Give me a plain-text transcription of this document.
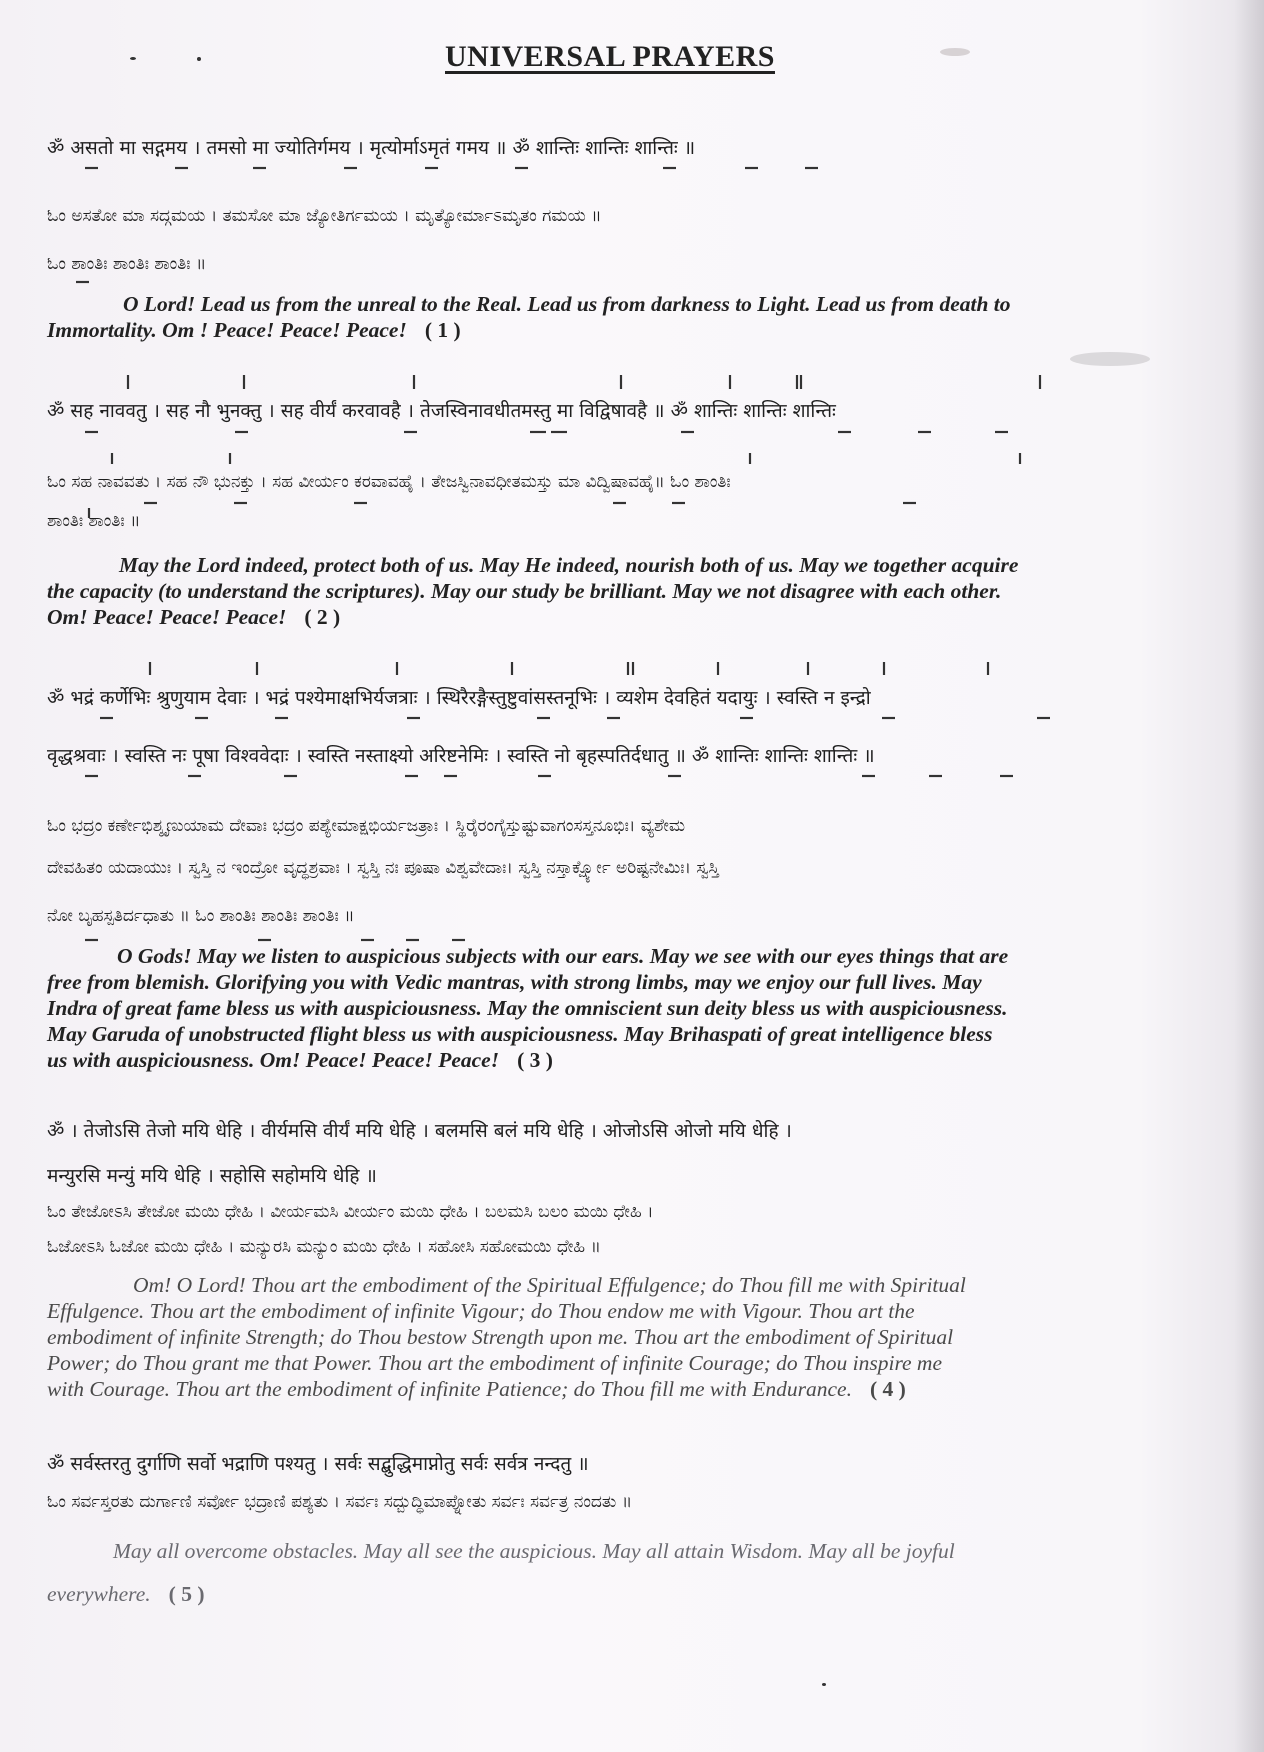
UNIVERSAL PRAYERS
ॐ असतो मा सद्गमय । तमसो मा ज्योतिर्गमय । मृत्योर्माऽमृतं गमय ॥ ॐ शान्तिः शान्तिः शान्तिः ॥
ಓಂ ಅಸತೋ ಮಾ ಸದ್ಗಮಯ । ತಮಸೋ ಮಾ ಜ್ಯೋತಿರ್ಗಮಯ । ಮೃತ್ಯೋರ್ಮಾಽಮೃತಂ ಗಮಯ ॥
ಓಂ ಶಾಂತಿಃ ಶಾಂತಿಃ ಶಾಂತಿಃ ॥
O Lord! Lead us from the unreal to the Real. Lead us from darkness to Light. Lead us from death to
Immortality. Om ! Peace! Peace! Peace! ( 1 )
ॐ सह नाववतु । सह नौ भुनक्तु । सह वीर्यं करवावहै । तेजस्विनावधीतमस्तु मा विद्विषावहै ॥ ॐ शान्तिः शान्तिः शान्तिः
ಓಂ ಸಹ ನಾವವತು । ಸಹ ನೌ ಭುನಕ್ತು । ಸಹ ವೀರ್ಯಂ ಕರವಾವಹೈ । ತೇಜಸ್ವಿನಾವಧೀತಮಸ್ತು ಮಾ ವಿದ್ವಿಷಾವಹೈ॥ ಓಂ ಶಾಂತಿಃ
ಶಾಂತಿಃ ಶಾಂತಿಃ ॥
May the Lord indeed, protect both of us. May He indeed, nourish both of us. May we together acquire
the capacity (to understand the scriptures). May our study be brilliant. May we not disagree with each other.
Om! Peace! Peace! Peace! ( 2 )
ॐ भद्रं कर्णेभिः श्रुणुयाम देवाः । भद्रं पश्येमाक्षभिर्यजत्राः । स्थिरैरङ्गैस्तुष्टुवांसस्तनूभिः । व्यशेम देवहितं यदायुः । स्वस्ति न इन्द्रो
वृद्धश्रवाः । स्वस्ति नः पूषा विश्ववेदाः । स्वस्ति नस्ताक्ष्यो अरिष्टनेमिः । स्वस्ति नो बृहस्पतिर्दधातु ॥ ॐ शान्तिः शान्तिः शान्तिः ॥
ಓಂ ಭದ್ರಂ ಕರ್ಣೇಭಿಶ್ಶೃಣುಯಾಮ ದೇವಾಃ ಭದ್ರಂ ಪಶ್ಯೇಮಾಕ್ಷಭಿರ್ಯಜತ್ರಾಃ । ಸ್ಥಿರೈರಂಗೈಸ್ತುಷ್ಟುವಾಗಂಸಸ್ತನೂಭಿಃ। ವ್ಯಶೇಮ
ದೇವಹಿತಂ ಯದಾಯುಃ । ಸ್ವಸ್ತಿ ನ ಇಂದ್ರೋ ವೃದ್ಧಶ್ರವಾಃ । ಸ್ವಸ್ತಿ ನಃ ಪೂಷಾ ವಿಶ್ವವೇದಾಃ। ಸ್ವಸ್ತಿ ನಸ್ತಾರ್ಕ್ಷ್ಯೋ ಅರಿಷ್ಟನೇಮಿಃ। ಸ್ವಸ್ತಿ
ನೋ ಬೃಹಸ್ಪತಿರ್ದಧಾತು ॥ ಓಂ ಶಾಂತಿಃ ಶಾಂತಿಃ ಶಾಂತಿಃ ॥
O Gods! May we listen to auspicious subjects with our ears. May we see with our eyes things that are
free from blemish. Glorifying you with Vedic mantras, with strong limbs, may we enjoy our full lives. May
Indra of great fame bless us with auspiciousness. May the omniscient sun deity bless us with auspiciousness.
May Garuda of unobstructed flight bless us with auspiciousness. May Brihaspati of great intelligence bless
us with auspiciousness. Om! Peace! Peace! Peace! ( 3 )
ॐ । तेजोऽसि तेजो मयि धेहि । वीर्यमसि वीर्यं मयि धेहि । बलमसि बलं मयि धेहि । ओजोऽसि ओजो मयि धेहि ।
मन्युरसि मन्युं मयि धेहि । सहोसि सहोमयि धेहि ॥
ಓಂ ತೇಜೋಽಸಿ ತೇಜೋ ಮಯಿ ಧೇಹಿ । ವೀರ್ಯಮಸಿ ವೀರ್ಯಂ ಮಯಿ ಧೇಹಿ । ಬಲಮಸಿ ಬಲಂ ಮಯಿ ಧೇಹಿ ।
ಓಜೋಽಸಿ ಓಜೋ ಮಯಿ ಧೇಹಿ । ಮನ್ಯುರಸಿ ಮನ್ಯುಂ ಮಯಿ ಧೇಹಿ । ಸಹೋಸಿ ಸಹೋಮಯಿ ಧೇಹಿ ॥
Om! O Lord! Thou art the embodiment of the Spiritual Effulgence; do Thou fill me with Spiritual
Effulgence. Thou art the embodiment of infinite Vigour; do Thou endow me with Vigour. Thou art the
embodiment of infinite Strength; do Thou bestow Strength upon me. Thou art the embodiment of Spiritual
Power; do Thou grant me that Power. Thou art the embodiment of infinite Courage; do Thou inspire me
with Courage. Thou art the embodiment of infinite Patience; do Thou fill me with Endurance. ( 4 )
ॐ सर्वस्तरतु दुर्गाणि सर्वो भद्राणि पश्यतु । सर्वः सद्बुद्धिमाप्नोतु सर्वः सर्वत्र नन्दतु ॥
ಓಂ ಸರ್ವಸ್ತರತು ದುರ್ಗಾಣಿ ಸರ್ವೋ ಭದ್ರಾಣಿ ಪಶ್ಯತು । ಸರ್ವಃ ಸದ್ಬುದ್ಧಿಮಾಪ್ನೋತು ಸರ್ವಃ ಸರ್ವತ್ರ ನಂದತು ॥
May all overcome obstacles. May all see the auspicious. May all attain Wisdom. May all be joyful
everywhere. ( 5 )
